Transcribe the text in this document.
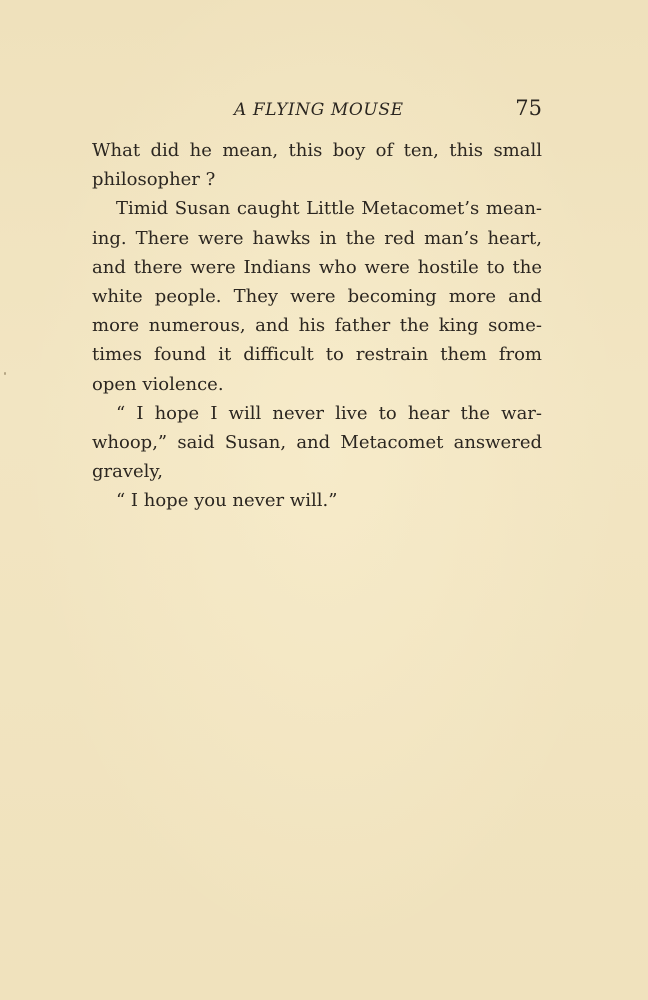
A FLYING MOUSE	75

What did he mean, this boy of ten, this small
philosopher ?

Timid Susan caught Little Metacomet’s mean-
ing. There were hawks in the red man’s heart,
and there were Indians who were hostile to the
white people. They were becoming more and
more numerous, and his father the king some-
times found it difficult to restrain them from
open violence.

“ I hope I will never live to hear the war-
whoop,” said Susan, and Metacomet answered
gravely,

“ I hope you never will.”
